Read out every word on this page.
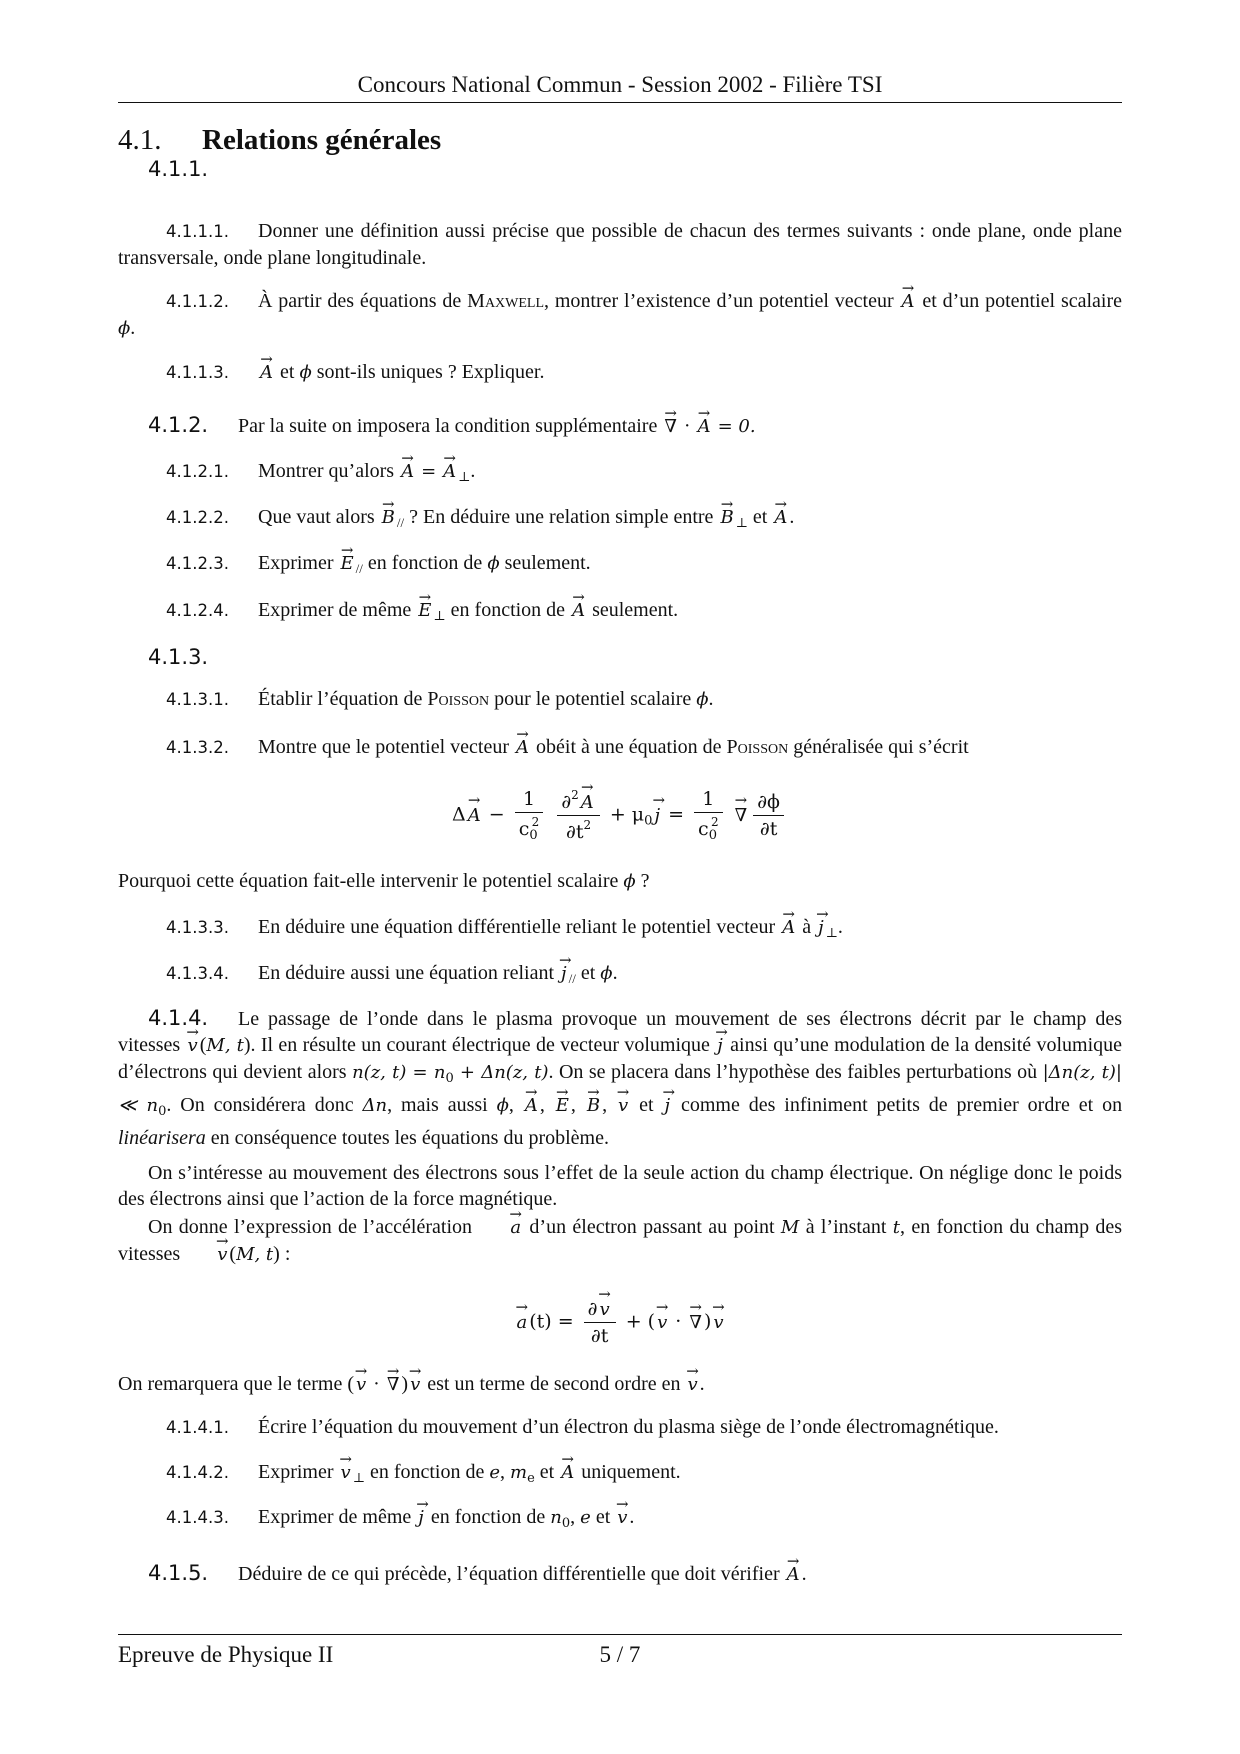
Concours National Commun - Session 2002 - Filière TSI
4.1. Relations générales
4.1.1.
4.1.1.1. Donner une définition aussi précise que possible de chacun des termes suivants : onde plane, onde plane transversale, onde plane longitudinale.
4.1.1.2. À partir des équations de Maxwell, montrer l’existence d’un potentiel vecteur → A et d’un potentiel scalaire ϕ.
4.1.1.3. → A et ϕ sont-ils uniques ? Expliquer.
4.1.2. Par la suite on imposera la condition supplémentaire → ∇ · → A = 0.
4.1.2.1. Montrer qu’alors → A = → A $_\perp$.
4.1.2.2. Que vaut alors → B $_{//}$ ? En déduire une relation simple entre → B $_\perp$ et → A .
4.1.2.3. Exprimer → E $_{//}$ en fonction de ϕ seulement.
4.1.2.4. Exprimer de même → E $_\perp$ en fonction de → A seulement.
4.1.3.
4.1.3.1. Établir l’équation de Poisson pour le potentiel scalaire ϕ.
4.1.3.2. Montre que le potentiel vecteur → A obéit à une équation de Poisson généralisée qui s’écrit
$\Delta \to A - \frac{1}{c_0^2}$
$\frac{\partial^2 \to A}{\partial t^2} + \mu_0 \to j = \frac{1}{c_0^2}$ → ∇ $\frac{\partial\phi}{\partial t}$
Pourquoi cette équation fait-elle intervenir le potentiel scalaire ϕ ?
4.1.3.3. En déduire une équation différentielle reliant le potentiel vecteur → A à → j $_\perp$.
4.1.3.4. En déduire aussi une équation reliant → j $_{//}$ et ϕ.
4.1.4. Le passage de l’onde dans le plasma provoque un mouvement de ses électrons décrit par le champ des vitesses → v (M, t). Il en résulte un courant électrique de vecteur volumique → j ainsi qu’une modulation de la densité volumique d’électrons qui devient alors n(z, $t) = n_0 + \Delta n(z$, t). On se placera dans l’hypothèse des faibles perturbations où |Δn(z, t)| ≪ $n_0$. On considérera donc Δn, mais aussi ϕ, → A , → E , → B , → v et → j comme des infiniment petits de premier ordre et on linéarisera en conséquence toutes les équations du problème.
On s’intéresse au mouvement des électrons sous l’effet de la seule action du champ électrique. On néglige donc le poids des électrons ainsi que l’action de la force magnétique.
On donne l’expression de l’accélération → a d’un électron passant au point M à l’instant t, en fonction du champ des vitesses → v (M, t) :
→ a $(t) = \frac{\partial \to v}{\partial t}$ + ( → v · → ∇ ) → v
On remarquera que le terme ( → v · → ∇ ) → v est un terme de second ordre en → v .
4.1.4.1. Écrire l’équation du mouvement d’un électron du plasma siège de l’onde électromagnétique.
4.1.4.2. Exprimer → v $_\perp$ en fonction de e, $m_e$ et → A uniquement.
4.1.4.3. Exprimer de même → j en fonction de $n_0$, e et → v .
4.1.5. Déduire de ce qui précède, l’équation différentielle que doit vérifier → A .
Epreuve de Physique II	5 / 7
